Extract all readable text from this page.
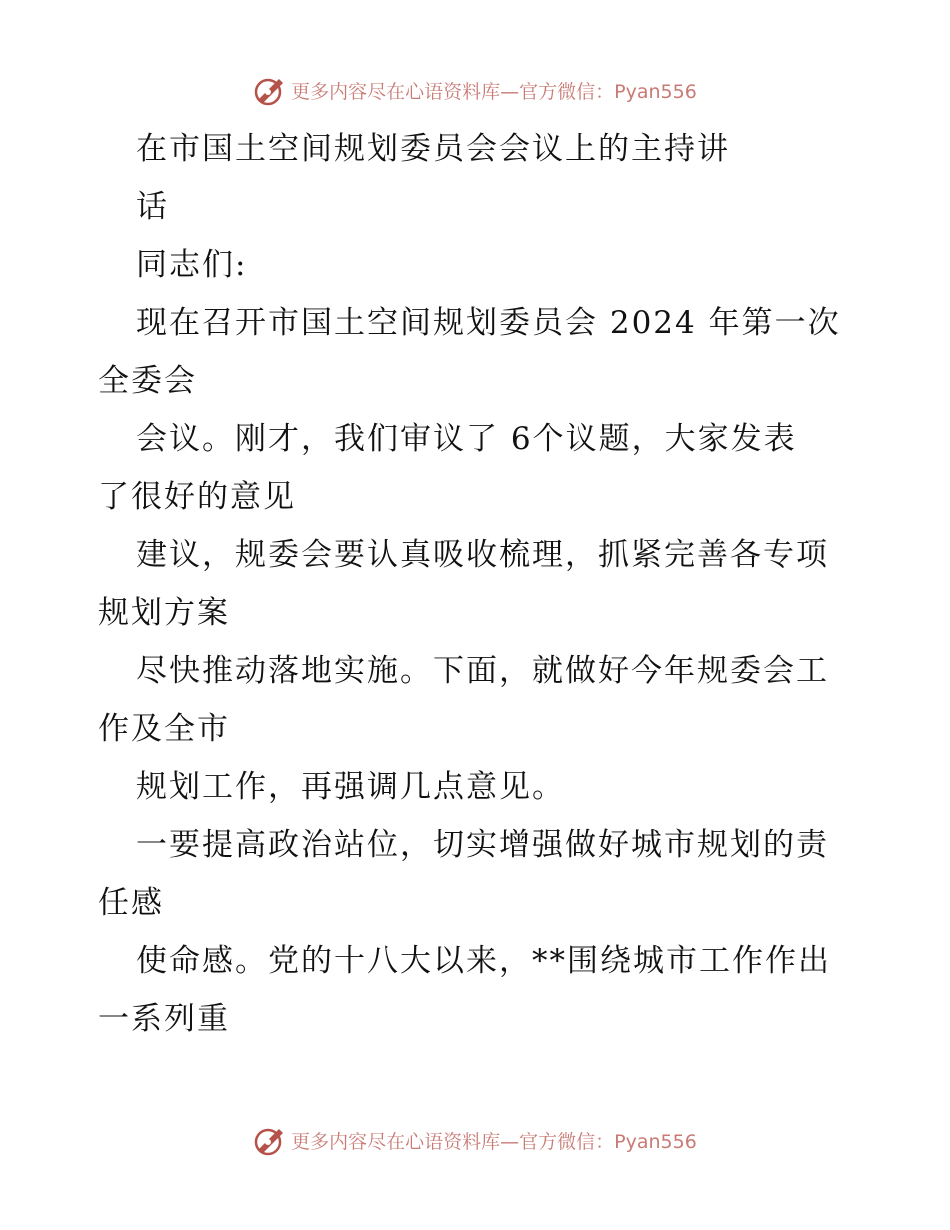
更多内容尽在心语资料库—官方微信：Pyan556
在市国土空间规划委员会会议上的主持讲
话
同志们:
现在召开市国土空间规划委员会 2024 年第一次
全委会
会议。刚才，我们审议了 6个议题，大家发表
了很好的意见
建议，规委会要认真吸收梳理，抓紧完善各专项
规划方案
尽快推动落地实施。下面，就做好今年规委会工
作及全市
规划工作，再强调几点意见。
一要提高政治站位，切实增强做好城市规划的责
任感
使命感。党的十八大以来，**围绕城市工作作出
一系列重
更多内容尽在心语资料库—官方微信：Pyan556
